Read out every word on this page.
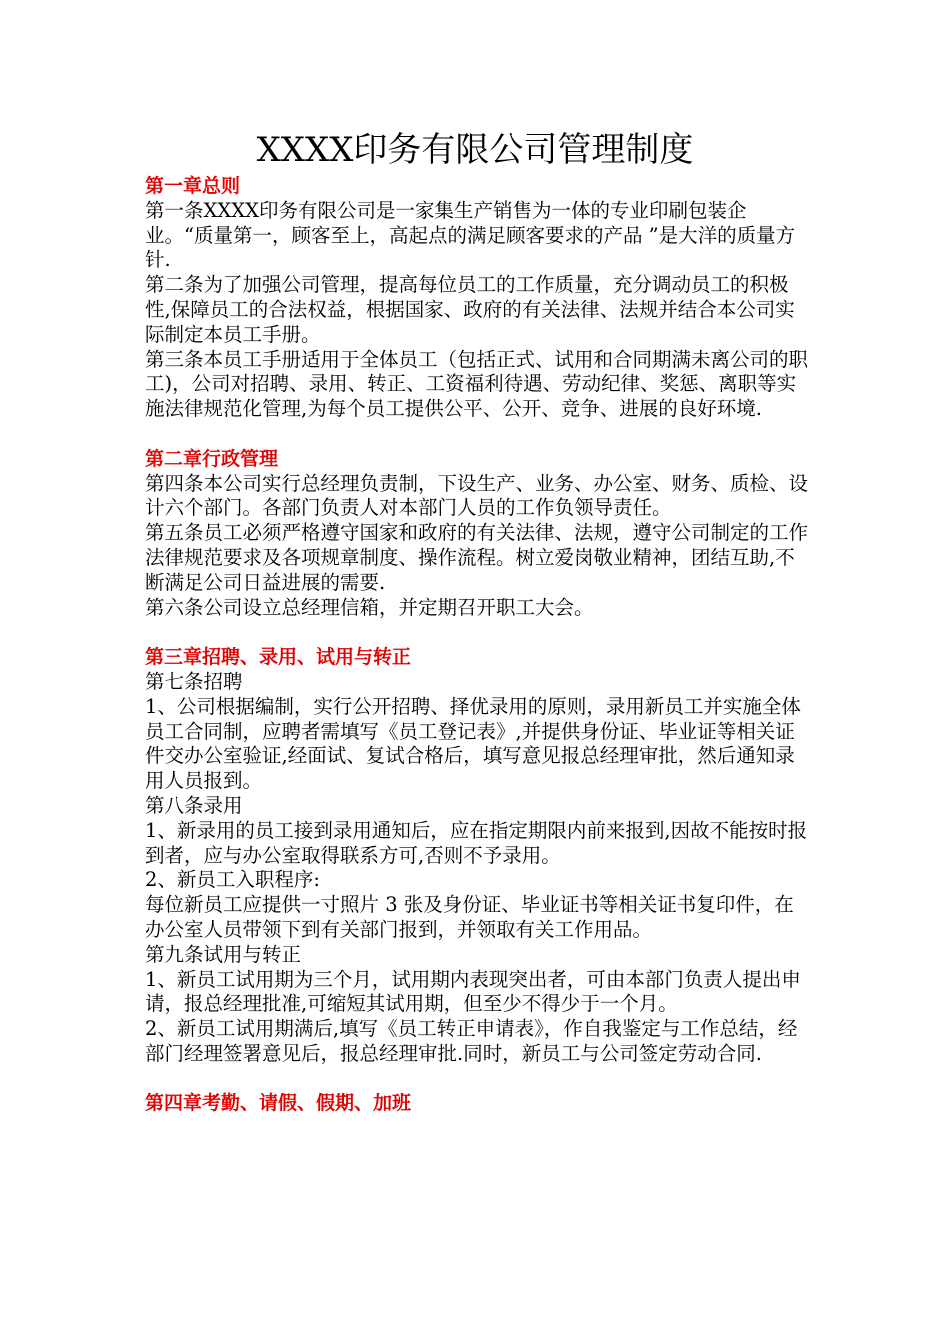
XXXX印务有限公司管理制度
第一章总则

第一条XXXX印务有限公司是一家集生产销售为一体的专业印刷包装企业。“质量第一，顾客至上，高起点的满足顾客要求的产品 ”是大洋的质量方针.

第二条为了加强公司管理，提高每位员工的工作质量，充分调动员工的积极性,保障员工的合法权益，根据国家、政府的有关法律、法规并结合本公司实际制定本员工手册。

第三条本员工手册适用于全体员工（包括正式、试用和合同期满未离公司的职工)，公司对招聘、录用、转正、工资福利待遇、劳动纪律、奖惩、离职等实施法律规范化管理,为每个员工提供公平、公开、竞争、进展的良好环境.

第二章行政管理

第四条本公司实行总经理负责制，下设生产、业务、办公室、财务、质检、设计六个部门。各部门负责人对本部门人员的工作负领导责任。

第五条员工必须严格遵守国家和政府的有关法律、法规，遵守公司制定的工作法律规范要求及各项规章制度、操作流程。树立爱岗敬业精神，团结互助,不断满足公司日益进展的需要.

第六条公司设立总经理信箱，并定期召开职工大会。

第三章招聘、录用、试用与转正

第七条招聘

1、公司根据编制，实行公开招聘、择优录用的原则，录用新员工并实施全体员工合同制，应聘者需填写《员工登记表》,并提供身份证、毕业证等相关证件交办公室验证,经面试、复试合格后，填写意见报总经理审批，然后通知录用人员报到。

第八条录用

1、新录用的员工接到录用通知后，应在指定期限内前来报到,因故不能按时报到者，应与办公室取得联系方可,否则不予录用。

2、新员工入职程序:

每位新员工应提供一寸照片 3 张及身份证、毕业证书等相关证书复印件，在办公室人员带领下到有关部门报到，并领取有关工作用品。

第九条试用与转正

1、新员工试用期为三个月，试用期内表现突出者，可由本部门负责人提出申请，报总经理批准,可缩短其试用期，但至少不得少于一个月。

2、新员工试用期满后,填写《员工转正申请表》，作自我鉴定与工作总结，经部门经理签署意见后，报总经理审批.同时，新员工与公司签定劳动合同.

第四章考勤、请假、假期、加班
